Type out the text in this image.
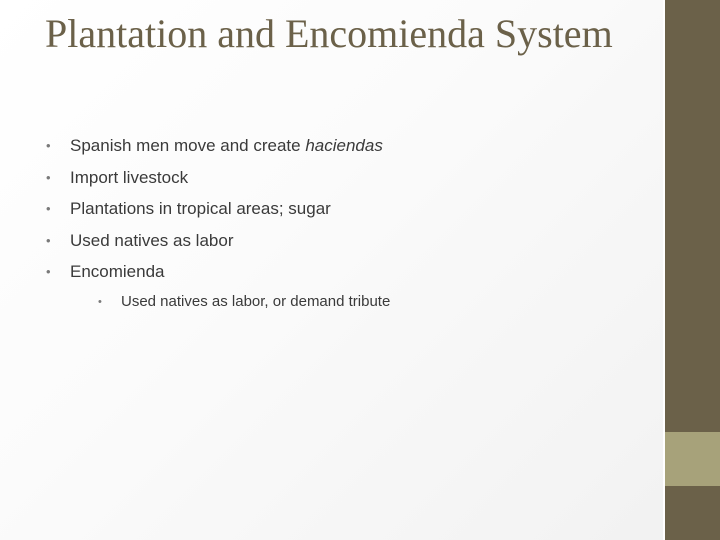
Plantation and Encomienda System
• Spanish men move and create haciendas
• Import livestock
• Plantations in tropical areas; sugar
• Used natives as labor
• Encomienda
• Used natives as labor, or demand tribute
